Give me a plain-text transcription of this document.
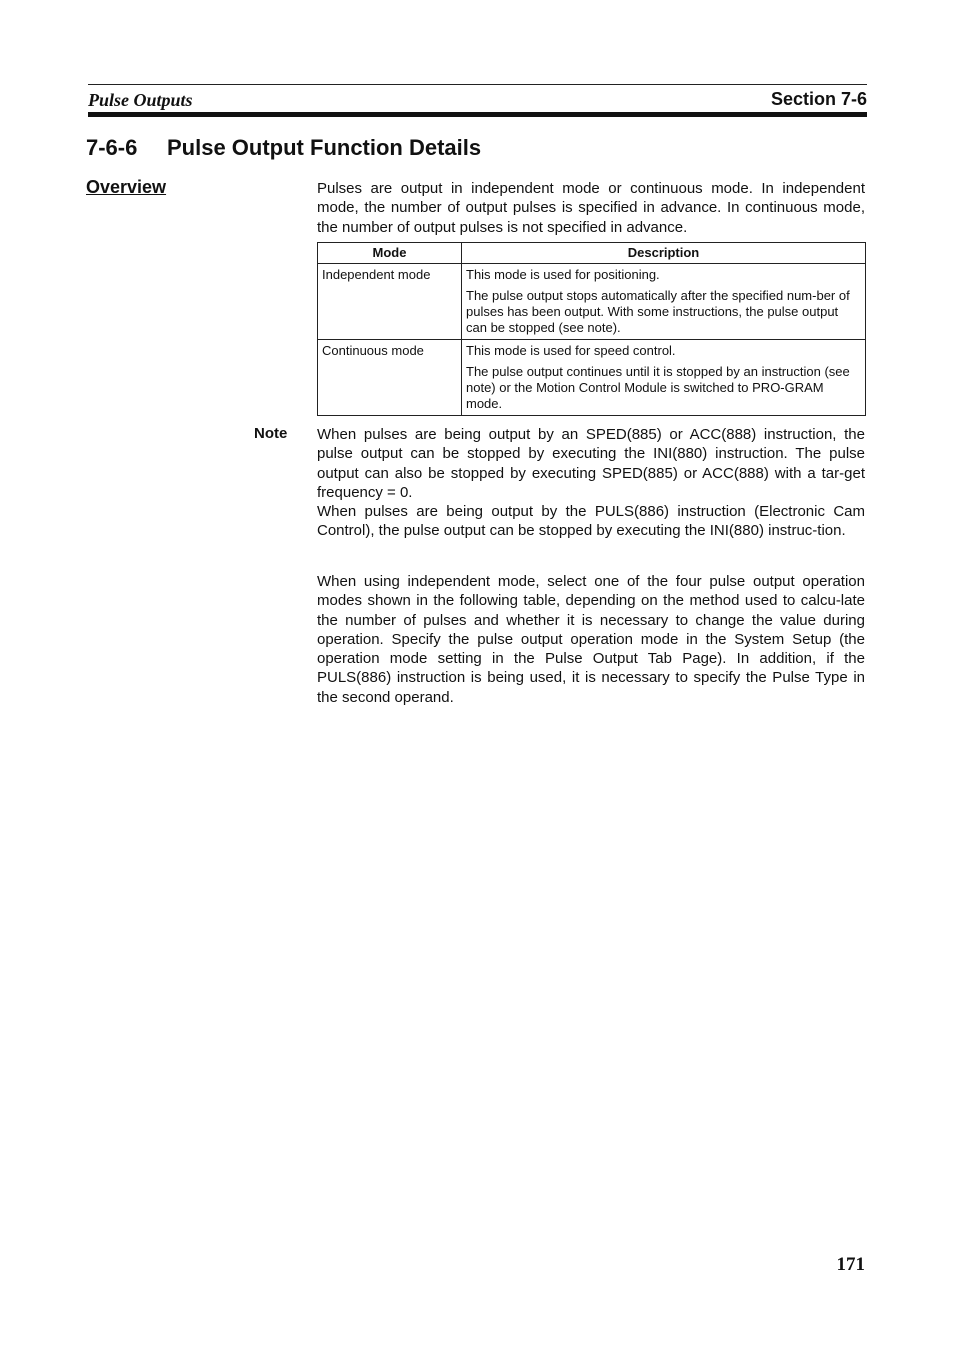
Pulse Outputs	Section 7-6
7-6-6 Pulse Output Function Details
Overview	Pulses are output in independent mode or continuous mode. In independent mode, the number of output pulses is specified in advance. In continuous mode, the number of output pulses is not specified in advance.
Mode	Description
Independent mode	This mode is used for positioning.

The pulse output stops automatically after the specified num-ber of pulses has been output. With some instructions, the pulse output can be stopped (see note).

Continuous mode	This mode is used for speed control.

The pulse output continues until it is stopped by an instruction (see note) or the Motion Control Module is switched to PRO-GRAM mode.

Note When pulses are being output by an SPED(885) or ACC(888) instruction, the pulse output can be stopped by executing the INI(880) instruction. The pulse output can also be stopped by executing SPED(885) or ACC(888) with a tar-get frequency = 0.
When pulses are being output by the PULS(886) instruction (Electronic Cam Control), the pulse output can be stopped by executing the INI(880) instruc-tion.
When using independent mode, select one of the four pulse output operation modes shown in the following table, depending on the method used to calcu-late the number of pulses and whether it is necessary to change the value during operation. Specify the pulse output operation mode in the System Setup (the operation mode setting in the Pulse Output Tab Page). In addition, if the PULS(886) instruction is being used, it is necessary to specify the Pulse Type in the second operand.
171
